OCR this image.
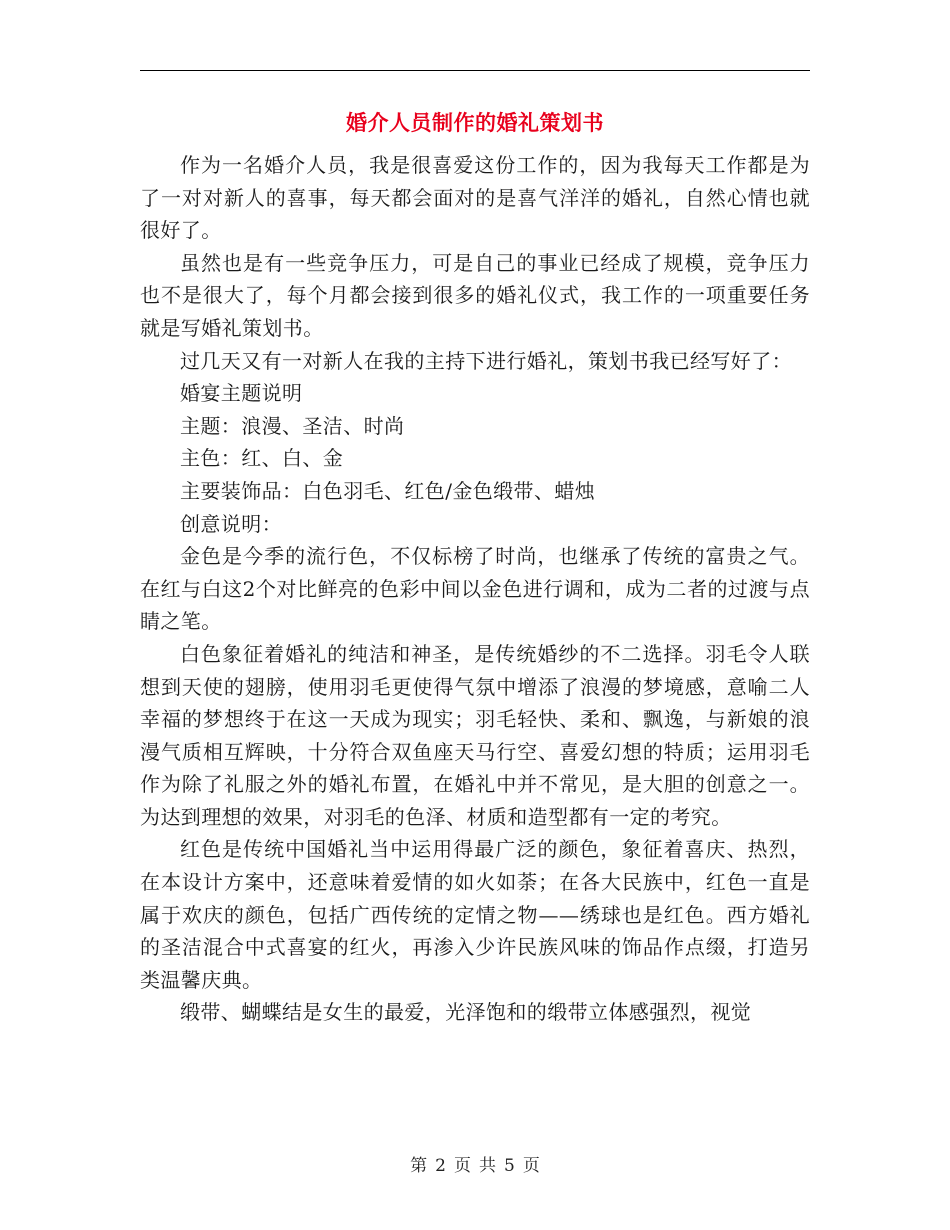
婚介人员制作的婚礼策划书

作为一名婚介人员，我是很喜爱这份工作的，因为我每天工作都是为了一对对新人的喜事，每天都会面对的是喜气洋洋的婚礼，自然心情也就很好了。

虽然也是有一些竞争压力，可是自己的事业已经成了规模，竞争压力也不是很大了，每个月都会接到很多的婚礼仪式，我工作的一项重要任务就是写婚礼策划书。

过几天又有一对新人在我的主持下进行婚礼，策划书我已经写好了：

婚宴主题说明

主题：浪漫、圣洁、时尚

主色：红、白、金

主要装饰品：白色羽毛、红色/金色缎带、蜡烛

创意说明：

金色是今季的流行色，不仅标榜了时尚，也继承了传统的富贵之气。在红与白这2个对比鲜亮的色彩中间以金色进行调和，成为二者的过渡与点睛之笔。

白色象征着婚礼的纯洁和神圣，是传统婚纱的不二选择。羽毛令人联想到天使的翅膀，使用羽毛更使得气氛中增添了浪漫的梦境感，意喻二人幸福的梦想终于在这一天成为现实；羽毛轻快、柔和、飘逸，与新娘的浪漫气质相互辉映，十分符合双鱼座天马行空、喜爱幻想的特质；运用羽毛作为除了礼服之外的婚礼布置，在婚礼中并不常见，是大胆的创意之一。为达到理想的效果，对羽毛的色泽、材质和造型都有一定的考究。

红色是传统中国婚礼当中运用得最广泛的颜色，象征着喜庆、热烈，在本设计方案中，还意味着爱情的如火如荼；在各大民族中，红色一直是属于欢庆的颜色，包括广西传统的定情之物——绣球也是红色。西方婚礼的圣洁混合中式喜宴的红火，再渗入少许民族风味的饰品作点缀，打造另类温馨庆典。

缎带、蝴蝶结是女生的最爱，光泽饱和的缎带立体感强烈，视觉

第 2 页 共 5 页
